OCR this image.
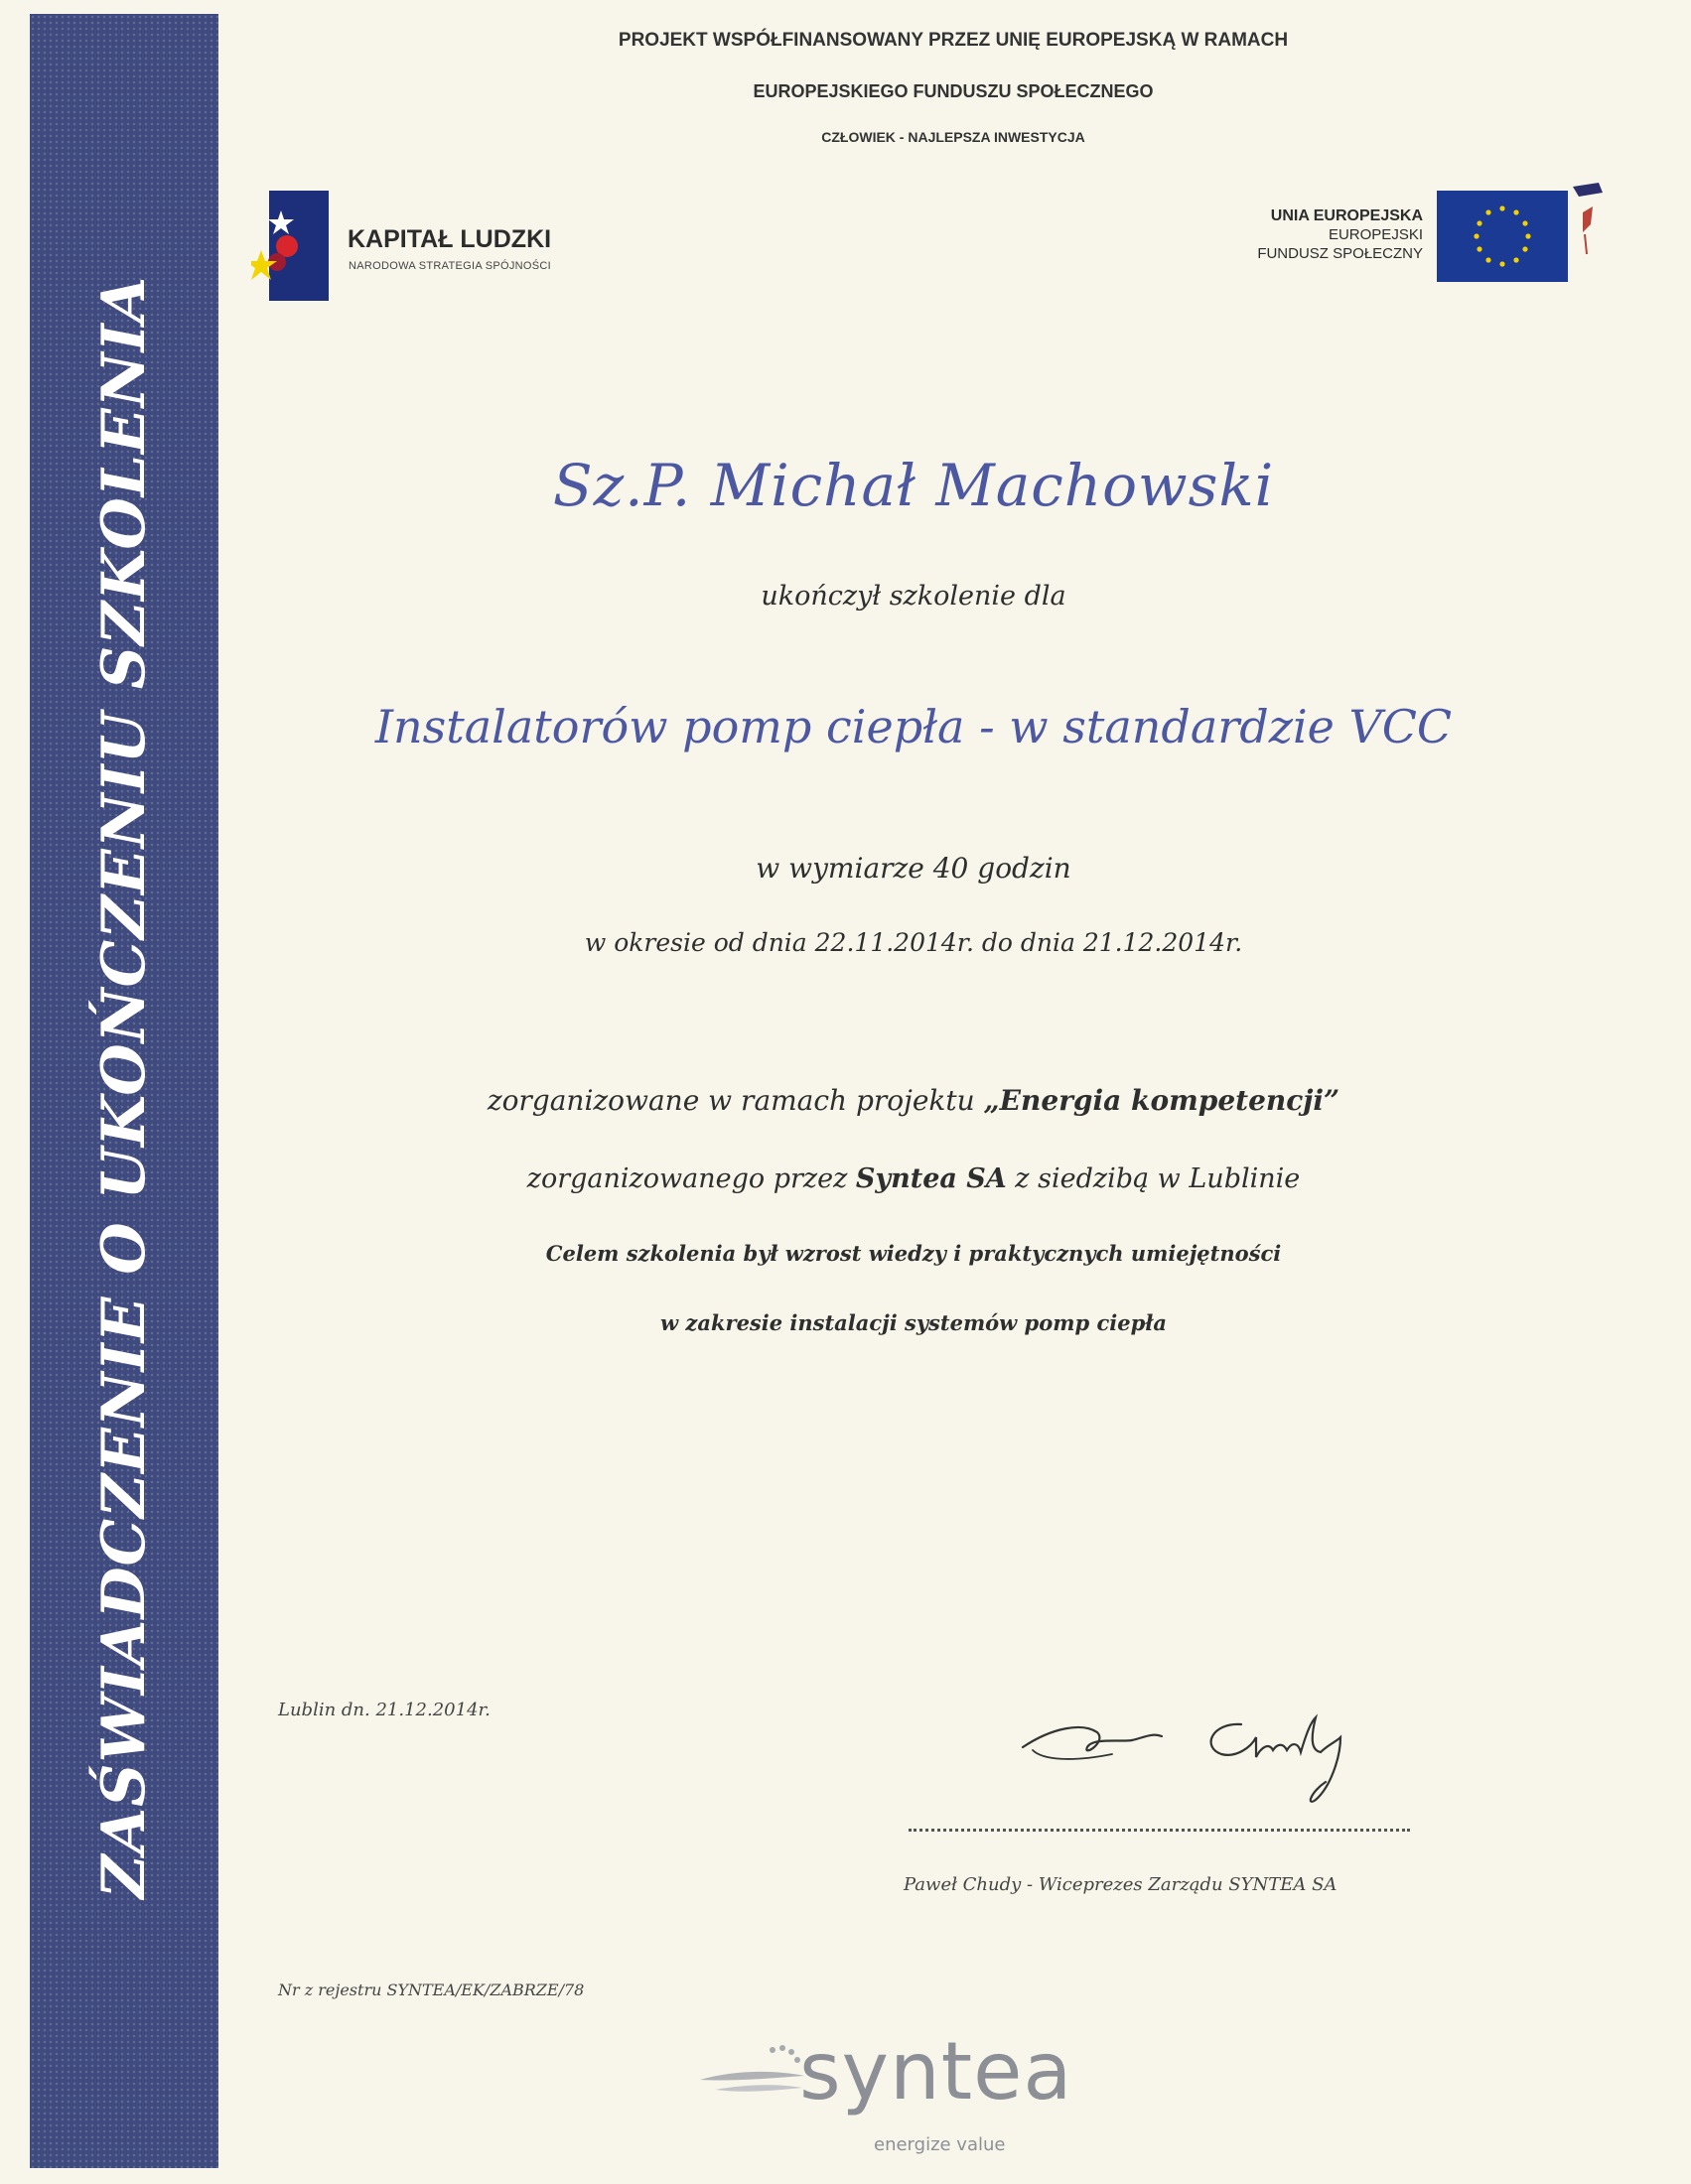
ZAŚWIADCZENIE O UKOŃCZENIU SZKOLENIA
PROJEKT WSPÓŁFINANSOWANY PRZEZ UNIĘ EUROPEJSKĄ W RAMACH
EUROPEJSKIEGO FUNDUSZU SPOŁECZNEGO
CZŁOWIEK - NAJLEPSZA INWESTYCJA
KAPITAŁ LUDZKI
NARODOWA STRATEGIA SPÓJNOŚCI
UNIA EUROPEJSKA
EUROPEJSKI
FUNDUSZ SPOŁECZNY
Sz.P. Michał Machowski
ukończył szkolenie dla
Instalatorów pomp ciepła - w standardzie VCC
w wymiarze 40 godzin
w okresie od dnia 22.11.2014r. do dnia 21.12.2014r.
zorganizowane w ramach projektu „Energia kompetencji”
zorganizowanego przez Syntea SA z siedzibą w Lublinie
Celem szkolenia był wzrost wiedzy i praktycznych umiejętności
w zakresie instalacji systemów pomp ciepła
Lublin dn. 21.12.2014r.
Paweł Chudy - Wiceprezes Zarządu SYNTEA SA
Nr z rejestru SYNTEA/EK/ZABRZE/78
syntea
energize value
